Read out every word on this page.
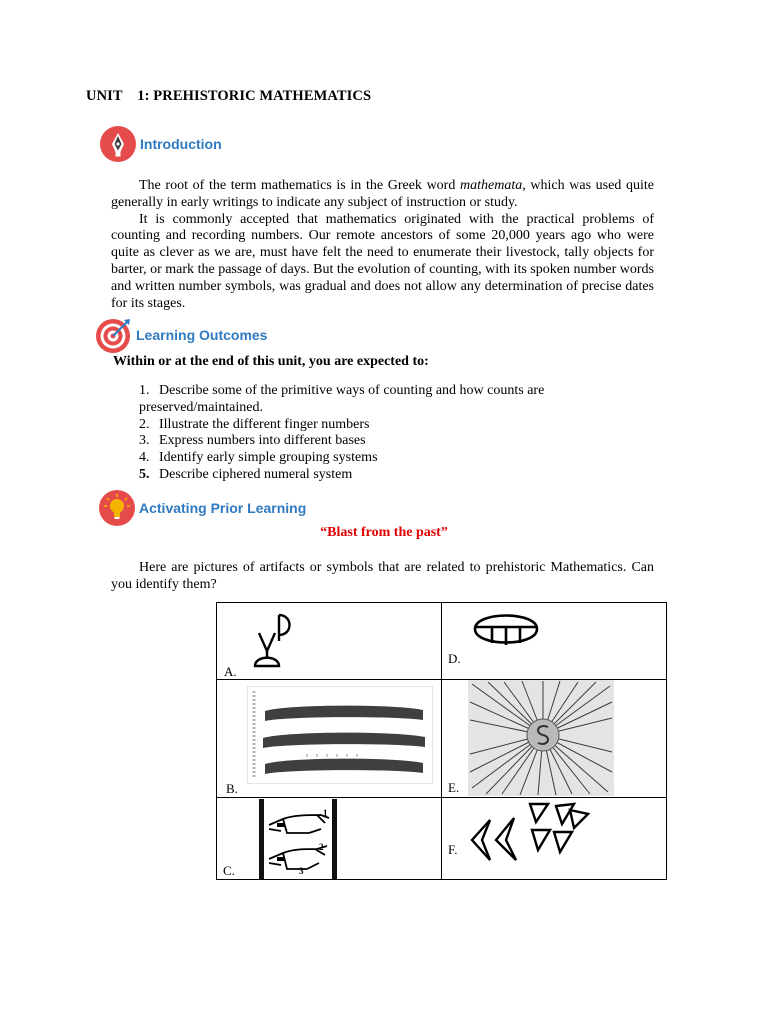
UNIT    1: PREHISTORIC MATHEMATICS
Introduction

The root of the term mathematics is in the Greek word mathemata, which was used quite generally in early writings to indicate any subject of instruction or study.

It is commonly accepted that mathematics originated with the practical problems of counting and recording numbers. Our remote ancestors of some 20,000 years ago who were quite as clever as we are, must have felt the need to enumerate their livestock, tally objects for barter, or mark the passage of days. But the evolution of counting, with its spoken number words and written number symbols, was gradual and does not allow any determination of precise dates for its stages.

Learning Outcomes
Within or at the end of this unit, you are expected to:
1. Describe some of the primitive ways of counting and how counts are
preserved/maintained.
2. Illustrate the different finger numbers
3. Express numbers into different bases
4. Identify early simple grouping systems
5. Describe ciphered numeral system
Activating Prior Learning
“Blast from the past”

Here are pictures of artifacts or symbols that are related to prehistoric Mathematics. Can you identify them?

A.	D.

B.	E.

1
2
3
C.	F.
